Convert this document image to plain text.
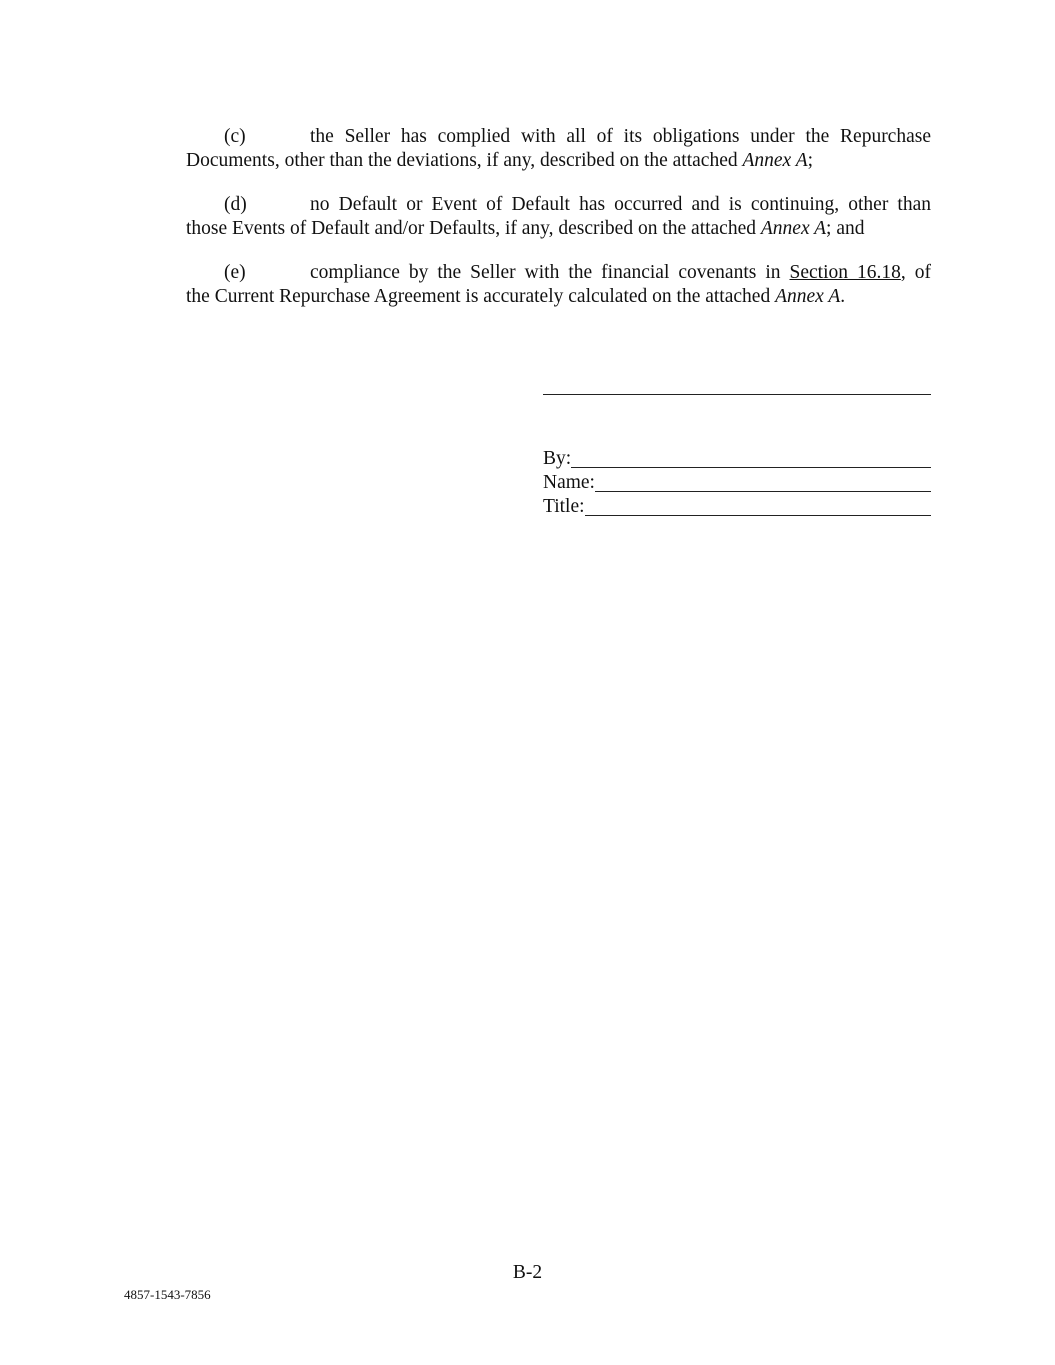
(c)	the Seller has complied with all of its obligations under the Repurchase
Documents, other than the deviations, if any, described on the attached Annex A;
(d)	no Default or Event of Default has occurred and is continuing, other than
those Events of Default and/or Defaults, if any, described on the attached Annex A; and
(e)	compliance by the Seller with the financial covenants in Section 16.18, of
the Current Repurchase Agreement is accurately calculated on the attached Annex A.
By:
Name:
Title:
B-2
4857-1543-7856
